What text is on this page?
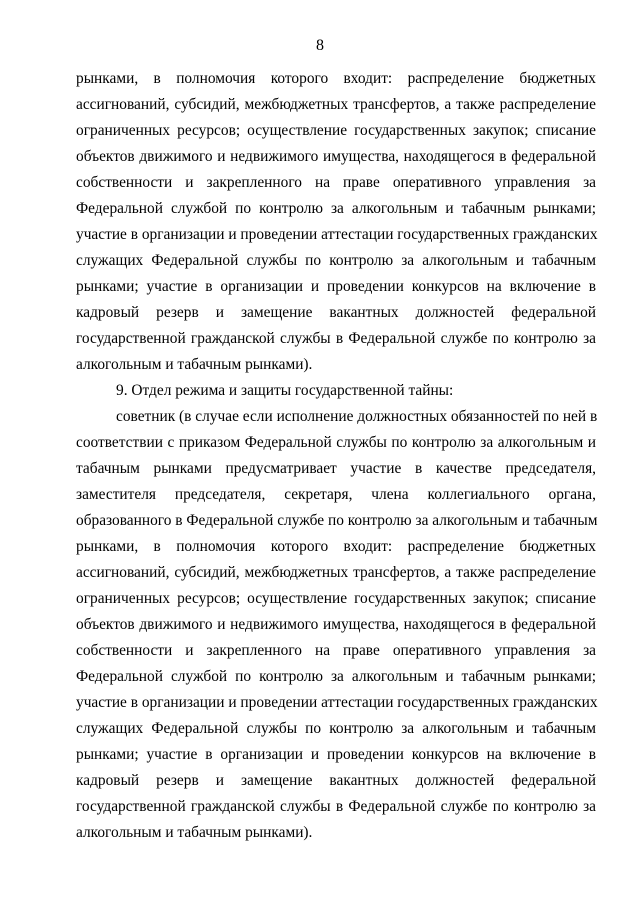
8
рынками, в полномочия которого входит: распределение бюджетных
ассигнований, субсидий, межбюджетных трансфертов, а также распределение
ограниченных ресурсов; осуществление государственных закупок; списание
объектов движимого и недвижимого имущества, находящегося в федеральной
собственности и закрепленного на праве оперативного управления за
Федеральной службой по контролю за алкогольным и табачным рынками;
участие в организации и проведении аттестации государственных гражданских
служащих Федеральной службы по контролю за алкогольным и табачным
рынками; участие в организации и проведении конкурсов на включение в
кадровый резерв и замещение вакантных должностей федеральной
государственной гражданской службы в Федеральной службе по контролю за
алкогольным и табачным рынками).
9. Отдел режима и защиты государственной тайны:
советник (в случае если исполнение должностных обязанностей по ней в
соответствии с приказом Федеральной службы по контролю за алкогольным и
табачным рынками предусматривает участие в качестве председателя,
заместителя председателя, секретаря, члена коллегиального органа,
образованного в Федеральной службе по контролю за алкогольным и табачным
рынками, в полномочия которого входит: распределение бюджетных
ассигнований, субсидий, межбюджетных трансфертов, а также распределение
ограниченных ресурсов; осуществление государственных закупок; списание
объектов движимого и недвижимого имущества, находящегося в федеральной
собственности и закрепленного на праве оперативного управления за
Федеральной службой по контролю за алкогольным и табачным рынками;
участие в организации и проведении аттестации государственных гражданских
служащих Федеральной службы по контролю за алкогольным и табачным
рынками; участие в организации и проведении конкурсов на включение в
кадровый резерв и замещение вакантных должностей федеральной
государственной гражданской службы в Федеральной службе по контролю за
алкогольным и табачным рынками).
